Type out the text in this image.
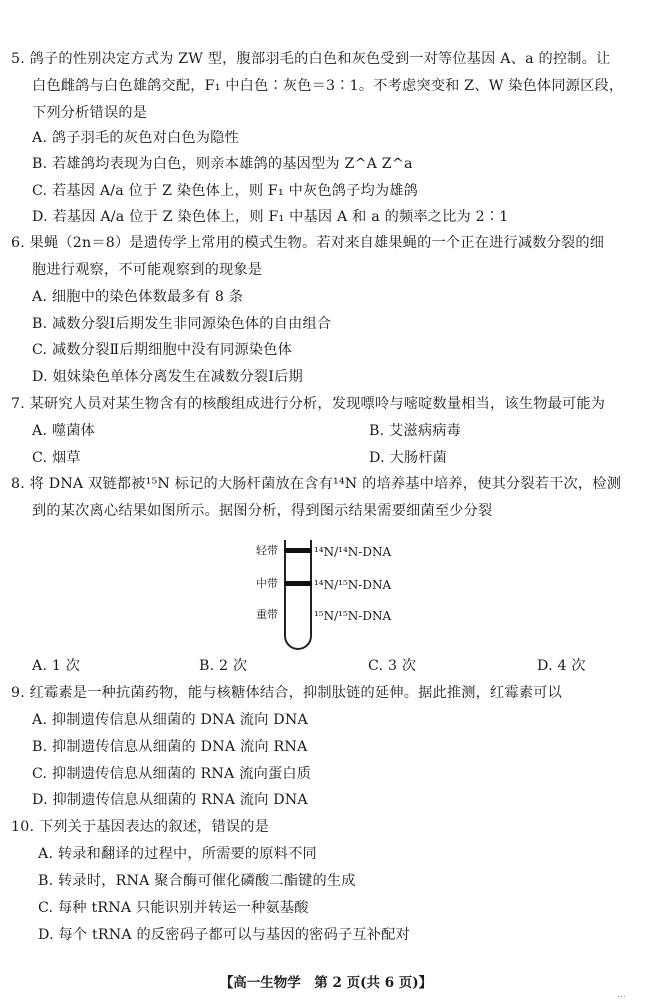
5. 鸽子的性别决定方式为 ZW 型，腹部羽毛的白色和灰色受到一对等位基因 A、a 的控制。让
白色雌鸽与白色雄鸽交配，F₁ 中白色∶灰色＝3∶1。不考虑突变和 Z、W 染色体同源区段，
下列分析错误的是
A. 鸽子羽毛的灰色对白色为隐性
B. 若雄鸽均表现为白色，则亲本雄鸽的基因型为 Z^A Z^a
C. 若基因 A/a 位于 Z 染色体上，则 F₁ 中灰色鸽子均为雄鸽
D. 若基因 A/a 位于 Z 染色体上，则 F₁ 中基因 A 和 a 的频率之比为 2∶1
6. 果蝇（2n＝8）是遗传学上常用的模式生物。若对来自雄果蝇的一个正在进行减数分裂的细
胞进行观察，不可能观察到的现象是
A. 细胞中的染色体数最多有 8 条
B. 减数分裂Ⅰ后期发生非同源染色体的自由组合
C. 减数分裂Ⅱ后期细胞中没有同源染色体
D. 姐妹染色单体分离发生在减数分裂Ⅰ后期
7. 某研究人员对某生物含有的核酸组成进行分析，发现嘌呤与嘧啶数量相当，该生物最可能为
A. 噬菌体	B. 艾滋病病毒
C. 烟草	D. 大肠杆菌
8. 将 DNA 双链都被¹⁵N 标记的大肠杆菌放在含有¹⁴N 的培养基中培养，使其分裂若干次，检测
到的某次离心结果如图所示。据图分析，得到图示结果需要细菌至少分裂
轻带
中带
重带
¹⁴N/¹⁴N-DNA
¹⁴N/¹⁵N-DNA
¹⁵N/¹⁵N-DNA
A. 1 次	B. 2 次	C. 3 次	D. 4 次
9. 红霉素是一种抗菌药物，能与核糖体结合，抑制肽链的延伸。据此推测，红霉素可以
A. 抑制遗传信息从细菌的 DNA 流向 DNA
B. 抑制遗传信息从细菌的 DNA 流向 RNA
C. 抑制遗传信息从细菌的 RNA 流向蛋白质
D. 抑制遗传信息从细菌的 RNA 流向 DNA
10. 下列关于基因表达的叙述，错误的是
A. 转录和翻译的过程中，所需要的原料不同
B. 转录时，RNA 聚合酶可催化磷酸二酯键的生成
C. 每种 tRNA 只能识别并转运一种氨基酸
D. 每个 tRNA 的反密码子都可以与基因的密码子互补配对
【高一生物学　第 2 页(共 6 页)】
…
